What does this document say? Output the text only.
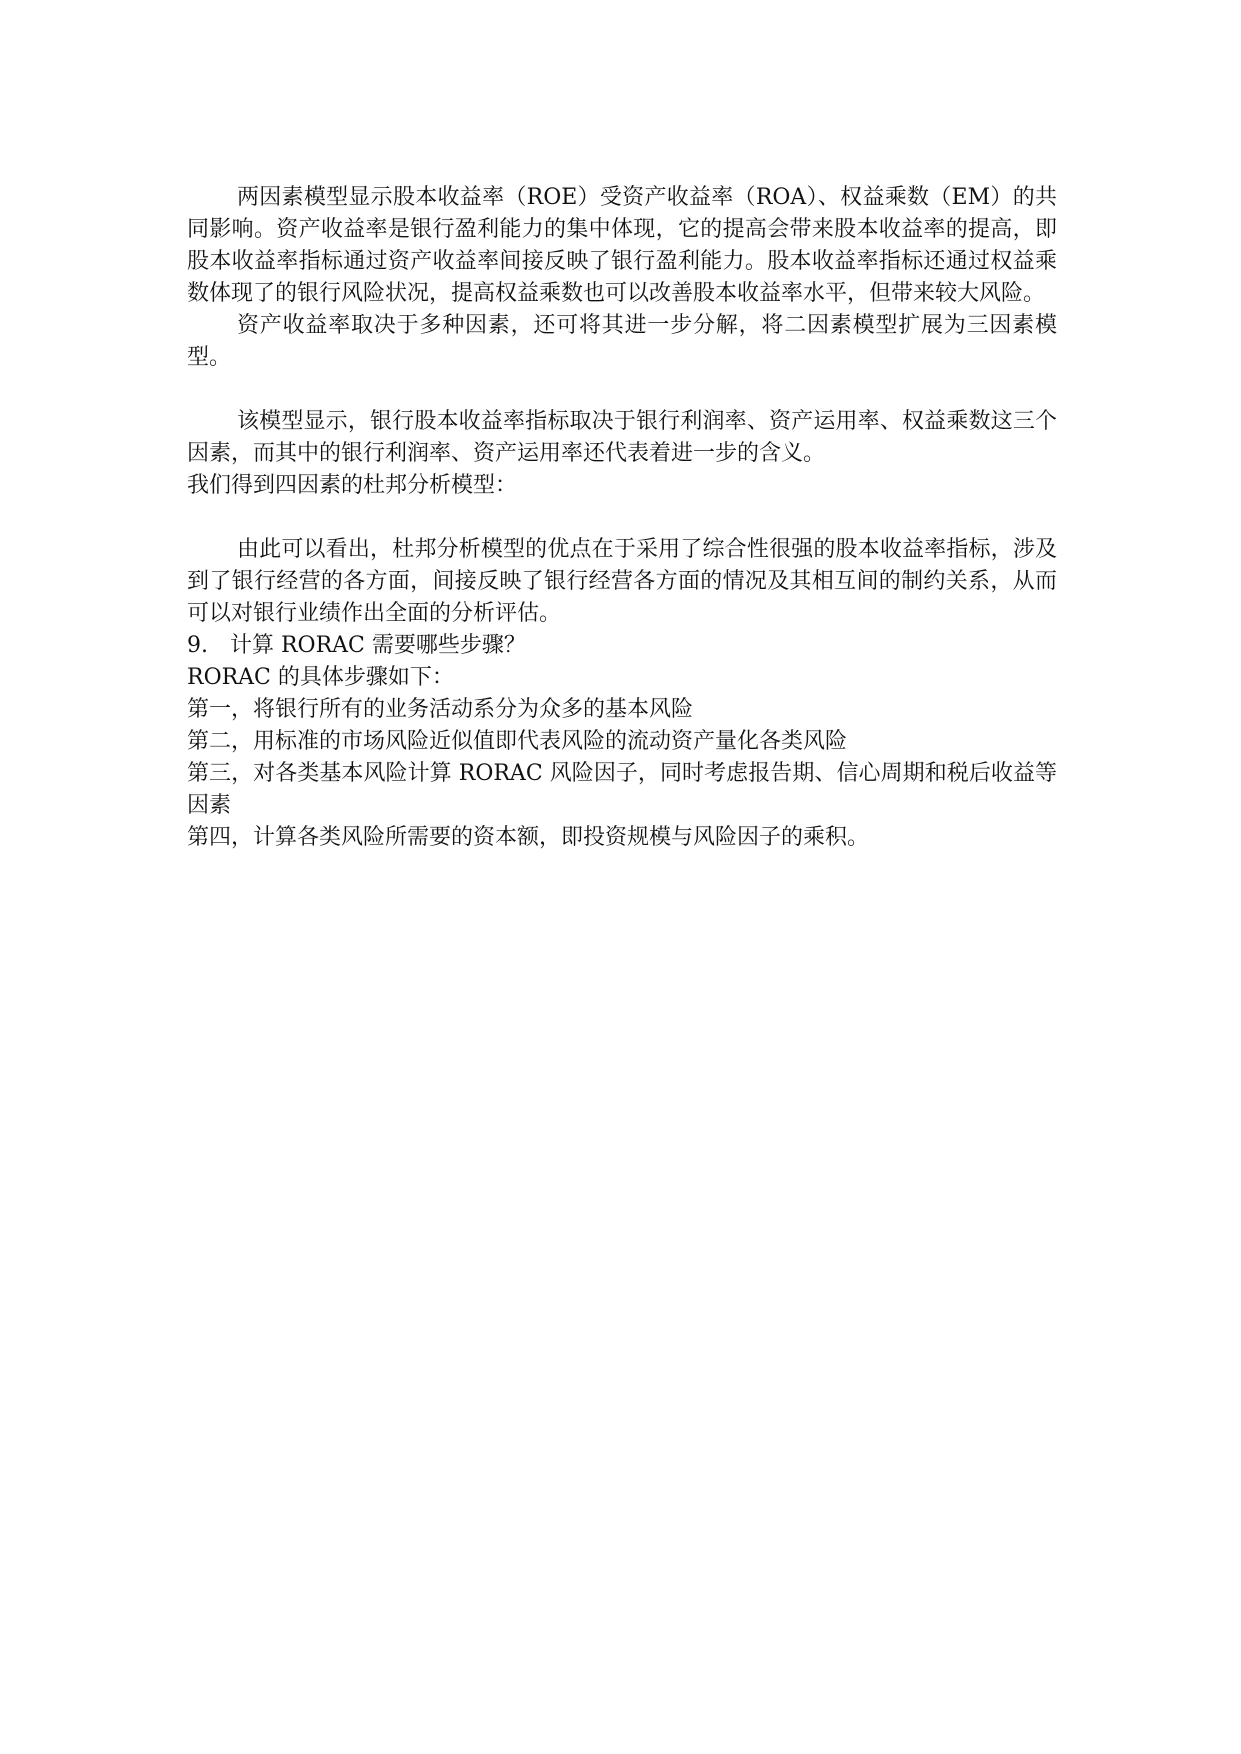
两因素模型显示股本收益率（ROE）受资产收益率（ROA）、权益乘数（EM）的共同影响。资产收益率是银行盈利能力的集中体现，它的提高会带来股本收益率的提高，即股本收益率指标通过资产收益率间接反映了银行盈利能力。股本收益率指标还通过权益乘数体现了的银行风险状况，提高权益乘数也可以改善股本收益率水平，但带来较大风险。

资产收益率取决于多种因素，还可将其进一步分解，将二因素模型扩展为三因素模型。

该模型显示，银行股本收益率指标取决于银行利润率、资产运用率、权益乘数这三个因素，而其中的银行利润率、资产运用率还代表着进一步的含义。

我们得到四因素的杜邦分析模型：

由此可以看出，杜邦分析模型的优点在于采用了综合性很强的股本收益率指标，涉及到了银行经营的各方面，间接反映了银行经营各方面的情况及其相互间的制约关系，从而可以对银行业绩作出全面的分析评估。

9.　计算 RORAC 需要哪些步骤？

RORAC 的具体步骤如下：

第一，将银行所有的业务活动系分为众多的基本风险

第二，用标准的市场风险近似值即代表风险的流动资产量化各类风险

第三，对各类基本风险计算 RORAC 风险因子，同时考虑报告期、信心周期和税后收益等因素

第四，计算各类风险所需要的资本额，即投资规模与风险因子的乘积。
